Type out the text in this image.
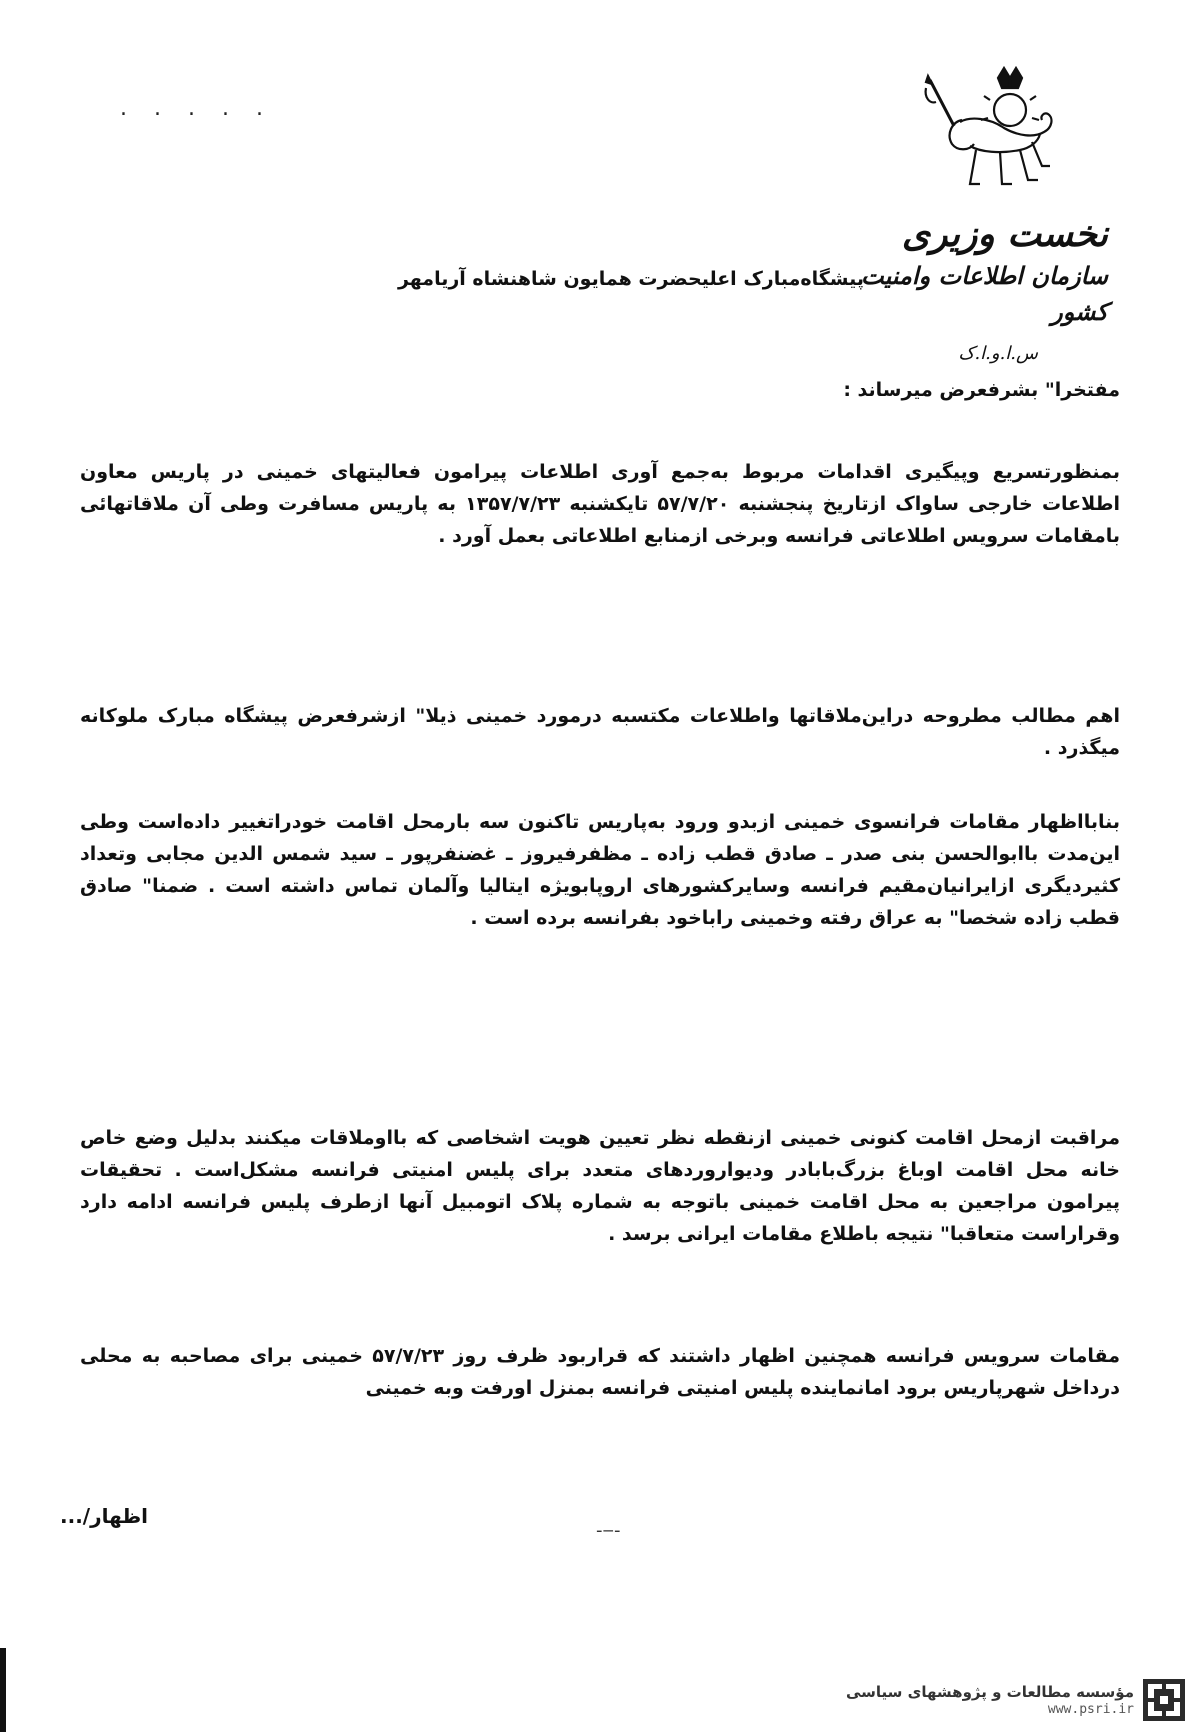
. . . . .
نخست وزیری
سازمان اطلاعات وامنیت کشور
س.ا.و.ا.ک
پیشگاه‌مبارک اعلیحضرت همایون شاهنشاه آریامهر
مفتخرا" بشرفعرض میرساند :
بمنظورتسریع وپیگیری اقدامات مربوط به‌جمع آوری اطلاعات پیرامون فعالیتهای خمینی در پاریس معاون اطلاعات خارجی ساواک ازتاریخ پنجشنبه ۵۷/۷/۲۰ تایکشنبه ۱۳۵۷/۷/۲۳ به پاریس مسافرت وطی آن ملاقاتهائی بامقامات سرویس اطلاعاتی فرانسه وبرخی ازمنابع اطلاعاتی بعمل آورد .
اهم مطالب مطروحه دراین‌ملاقاتها واطلاعات مکتسبه درمورد خمینی ذیلا" ازشرفعرض پیشگاه مبارک ملوکانه میگذرد .
بنابااظهار مقامات فرانسوی خمینی ازبدو ورود به‌پاریس تاکنون سه بارمحل اقامت خودراتغییر داده‌است وطی این‌مدت باابوالحسن بنی صدر ـ صادق قطب زاده ـ مظفرفیروز ـ غضنفرپور ـ سید شمس الدین مجابی وتعداد کثیردیگری ازایرانیان‌مقیم فرانسه وسایرکشورهای اروپابویژه ایتالیا وآلمان تماس داشته است . ضمنا" صادق قطب زاده شخصا" به عراق رفته وخمینی راباخود بفرانسه برده است .
مراقبت ازمحل اقامت کنونی خمینی ازنقطه نظر تعیین هویت اشخاصی که بااوملاقات میکنند بدلیل وضع خاص خانه محل اقامت اوباغ بزرگ‌بابادر ودیواروردهای متعدد برای پلیس امنیتی فرانسه مشکل‌است . تحقیقات پیرامون مراجعین به محل اقامت خمینی باتوجه به شماره پلاک اتومبیل آنها ازطرف پلیس فرانسه ادامه دارد وقراراست متعاقبا" نتیجه باطلاع مقامات ایرانی برسد .
مقامات سرویس فرانسه همچنین اظهار داشتند که قراربود ظرف روز ۵۷/۷/۲۳ خمینی برای مصاحبه به محلی درداخل شهرپاریس برود امانماینده پلیس امنیتی فرانسه بمنزل اورفت وبه خمینی
اظهار/...
-‒-
مؤسسه مطالعات و پژوهشهای سیاسی
www.psri.ir
